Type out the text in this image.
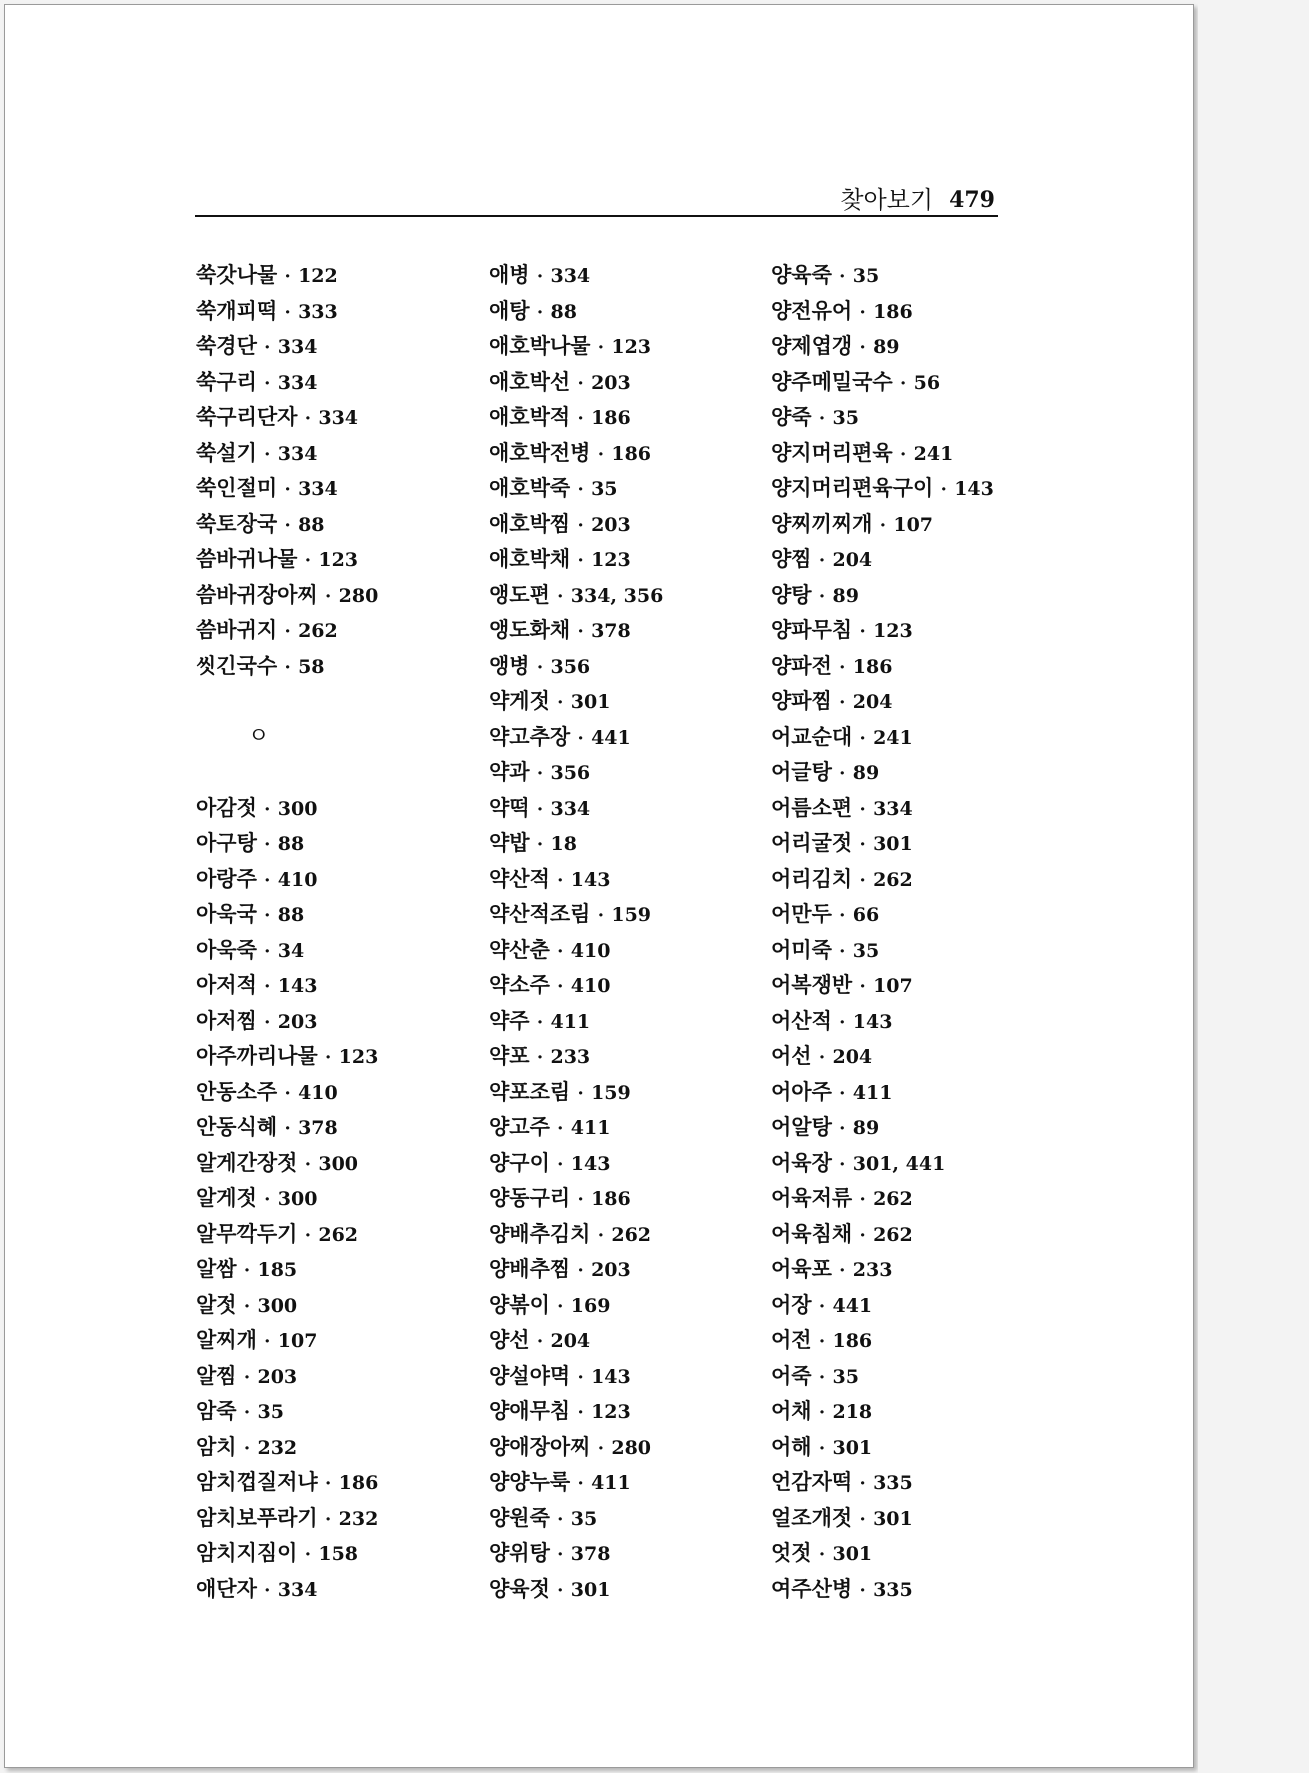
찾아보기 479
쑥갓나물 · 122
쑥개피떡 · 333
쑥경단 · 334
쑥구리 · 334
쑥구리단자 · 334
쑥설기 · 334
쑥인절미 · 334
쑥토장국 · 88
씀바귀나물 · 123
씀바귀장아찌 · 280
씀바귀지 · 262
씻긴국수 · 58
ㅇ
아감젓 · 300
아구탕 · 88
아랑주 · 410
아욱국 · 88
아욱죽 · 34
아저적 · 143
아저찜 · 203
아주까리나물 · 123
안동소주 · 410
안동식혜 · 378
알게간장젓 · 300
알게젓 · 300
알무깍두기 · 262
알쌈 · 185
알젓 · 300
알찌개 · 107
알찜 · 203
암죽 · 35
암치 · 232
암치껍질저냐 · 186
암치보푸라기 · 232
암치지짐이 · 158
애단자 · 334
애병 · 334
애탕 · 88
애호박나물 · 123
애호박선 · 203
애호박적 · 186
애호박전병 · 186
애호박죽 · 35
애호박찜 · 203
애호박채 · 123
앵도편 · 334, 356
앵도화채 · 378
앵병 · 356
약게젓 · 301
약고추장 · 441
약과 · 356
약떡 · 334
약밥 · 18
약산적 · 143
약산적조림 · 159
약산춘 · 410
약소주 · 410
약주 · 411
약포 · 233
약포조림 · 159
양고주 · 411
양구이 · 143
양동구리 · 186
양배추김치 · 262
양배추찜 · 203
양볶이 · 169
양선 · 204
양설야멱 · 143
양애무침 · 123
양애장아찌 · 280
양양누룩 · 411
양원죽 · 35
양위탕 · 378
양육젓 · 301
양육죽 · 35
양전유어 · 186
양제엽갱 · 89
양주메밀국수 · 56
양죽 · 35
양지머리편육 · 241
양지머리편육구이 · 143
양찌끼찌개 · 107
양찜 · 204
양탕 · 89
양파무침 · 123
양파전 · 186
양파찜 · 204
어교순대 · 241
어글탕 · 89
어름소편 · 334
어리굴젓 · 301
어리김치 · 262
어만두 · 66
어미죽 · 35
어복쟁반 · 107
어산적 · 143
어선 · 204
어아주 · 411
어알탕 · 89
어육장 · 301, 441
어육저류 · 262
어육침채 · 262
어육포 · 233
어장 · 441
어전 · 186
어죽 · 35
어채 · 218
어해 · 301
언감자떡 · 335
얼조개젓 · 301
엇젓 · 301
여주산병 · 335
